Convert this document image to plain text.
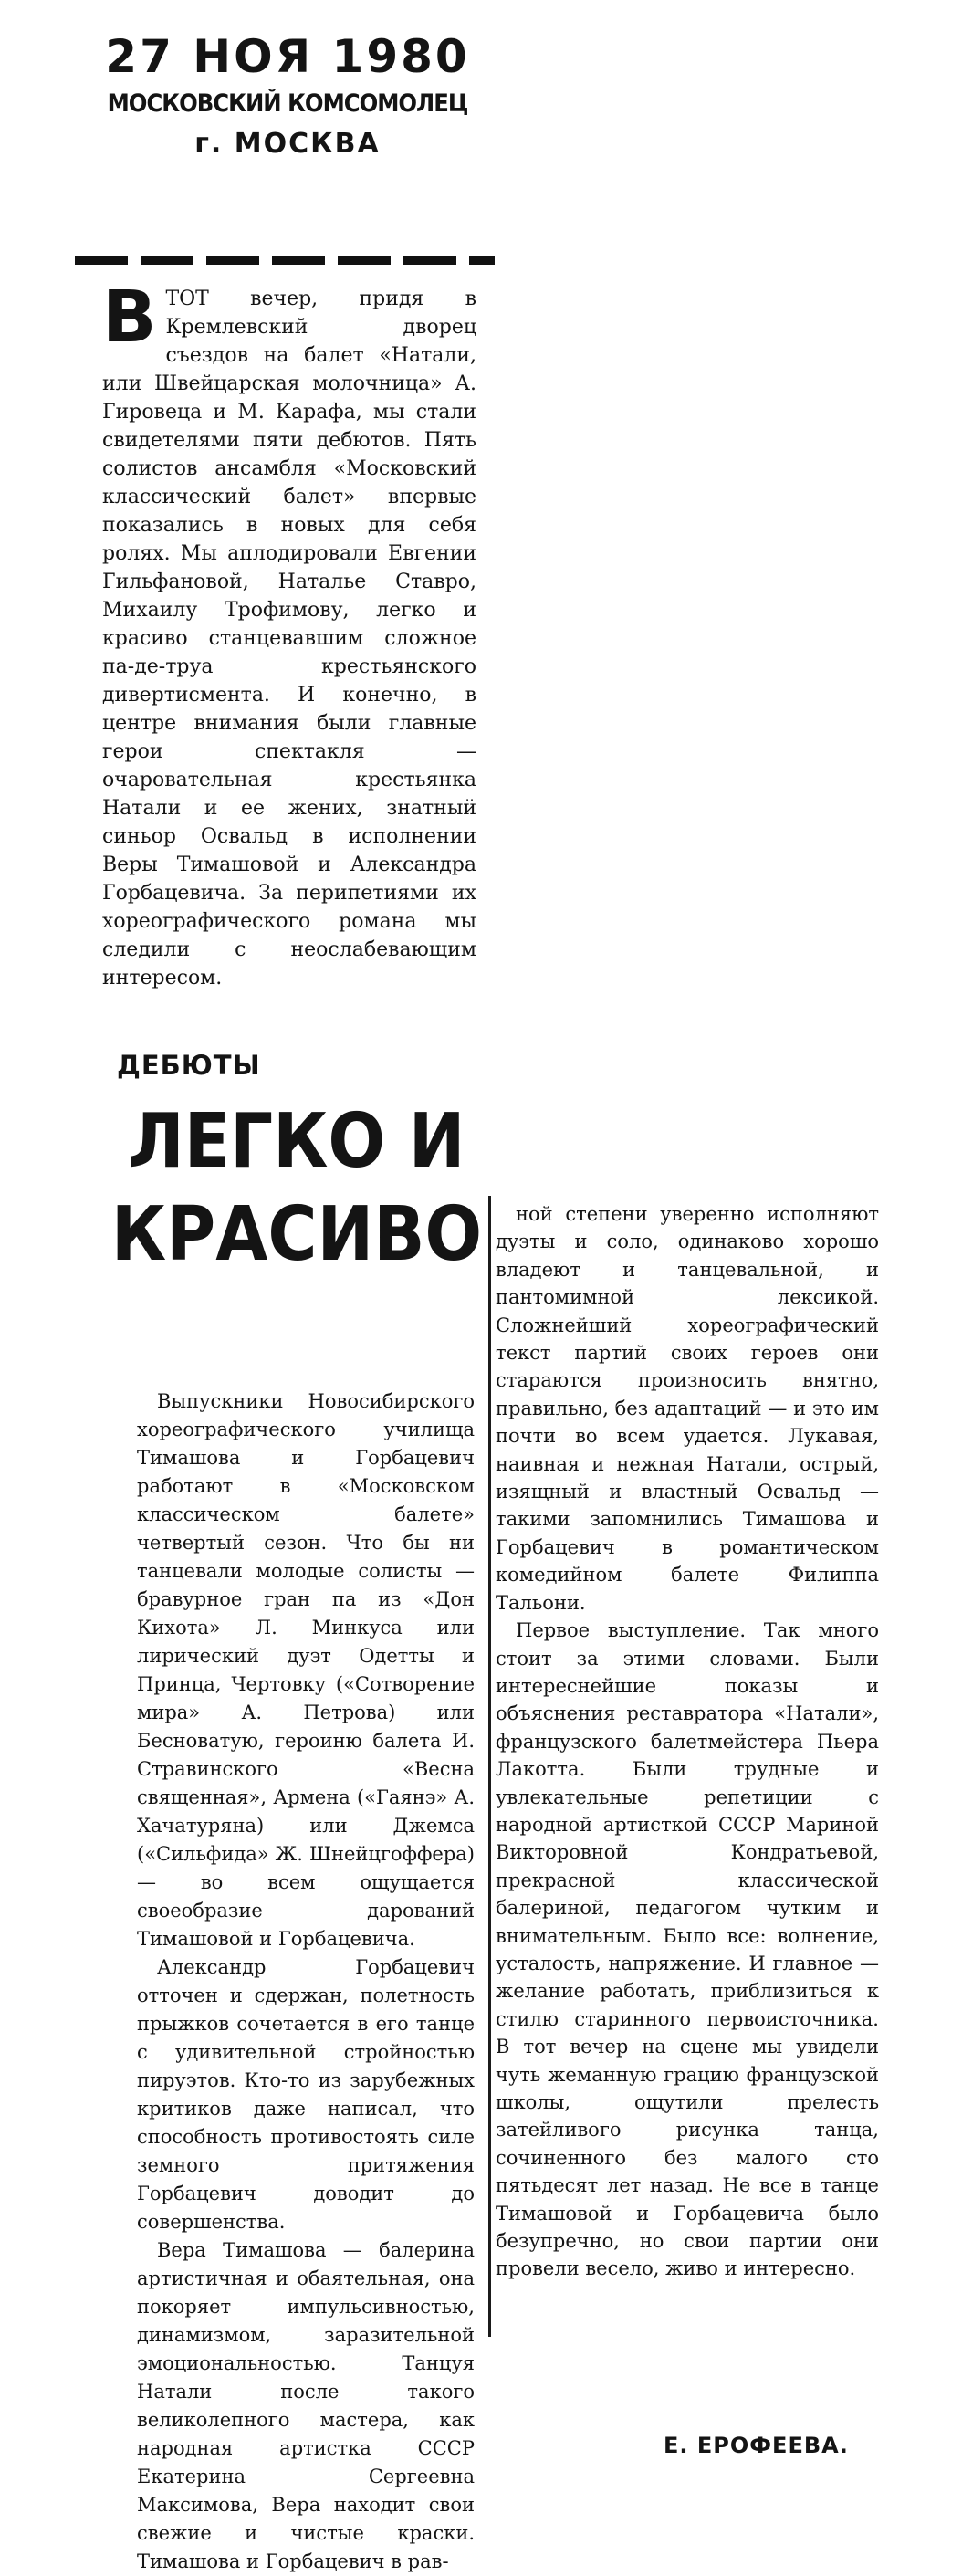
27 НОЯ 1980
МОСКОВСКИЙ КОМСОМОЛЕЦ
г. МОСКВА

ВТОТ вечер, придя в Кремлевский дворец съездов на балет «Натали, или Швейцарская молочница» А. Гировеца и М. Карафа, мы стали свидетелями пяти дебютов. Пять солистов ансамбля «Московский классический балет» впервые показались в новых для себя ролях. Мы аплодировали Евгении Гильфановой, Наталье Ставро, Михаилу Трофимову, легко и красиво станцевавшим сложное па-де-труа крестьянского дивертисмента. И конечно, в центре внимания были главные герои спектакля — очаровательная крестьянка Натали и ее жених, знатный синьор Освальд в исполнении Веры Тимашовой и Александра Горбацевича. За перипетиями их хореографического романа мы следили с неослабевающим интересом.

ДЕБЮТЫ
ЛЕГКО И КРАСИВО

Выпускники Новосибирского хореографического училища Тимашова и Горбацевич работают в «Московском классическом балете» четвертый сезон. Что бы ни танцевали молодые солисты — бравурное гран па из «Дон Кихота» Л. Минкуса или лирический дуэт Одетты и Принца, Чертовку («Сотворение мира» А. Петрова) или Бесноватую, героиню балета И. Стравинского «Весна священная», Армена («Гаянэ» А. Хачатуряна) или Джемса («Сильфида» Ж. Шнейцгоффера) — во всем ощущается своеобразие дарований Тимашовой и Горбацевича.

Александр Горбацевич отточен и сдержан, полетность прыжков сочетается в его танце с удивительной стройностью пируэтов. Кто-то из зарубежных критиков даже написал, что способность противостоять силе земного притяжения Горбацевич доводит до совершенства.

Вера Тимашова — балерина артистичная и обаятельная, она покоряет импульсивностью, динамизмом, заразительной эмоциональностью. Танцуя Натали после такого великолепного мастера, как народная артистка СССР Екатерина Сергеевна Максимова, Вера находит свои свежие и чистые краски. Тимашова и Горбацевич в рав-

ной степени уверенно исполняют дуэты и соло, одинаково хорошо владеют и танцевальной, и пантомимной лексикой. Сложнейший хореографический текст партий своих героев они стараются произносить внятно, правильно, без адаптаций — и это им почти во всем удается. Лукавая, наивная и нежная Натали, острый, изящный и властный Освальд — такими запомнились Тимашова и Горбацевич в романтическом комедийном балете Филиппа Тальони.

Первое выступление. Так много стоит за этими словами. Были интереснейшие показы и объяснения реставратора «Натали», французского балетмейстера Пьера Лакотта. Были трудные и увлекательные репетиции с народной артисткой СССР Мариной Викторовной Кондратьевой, прекрасной классической балериной, педагогом чутким и внимательным. Было все: волнение, усталость, напряжение. И главное — желание работать, приблизиться к стилю старинного первоисточника. В тот вечер на сцене мы увидели чуть жеманную грацию французской школы, ощутили прелесть затейливого рисунка танца, сочиненного без малого сто пятьдесят лет назад. Не все в танце Тимашовой и Горбацевича было безупречно, но свои партии они провели весело, живо и интересно.

Е. ЕРОФЕЕВА.
